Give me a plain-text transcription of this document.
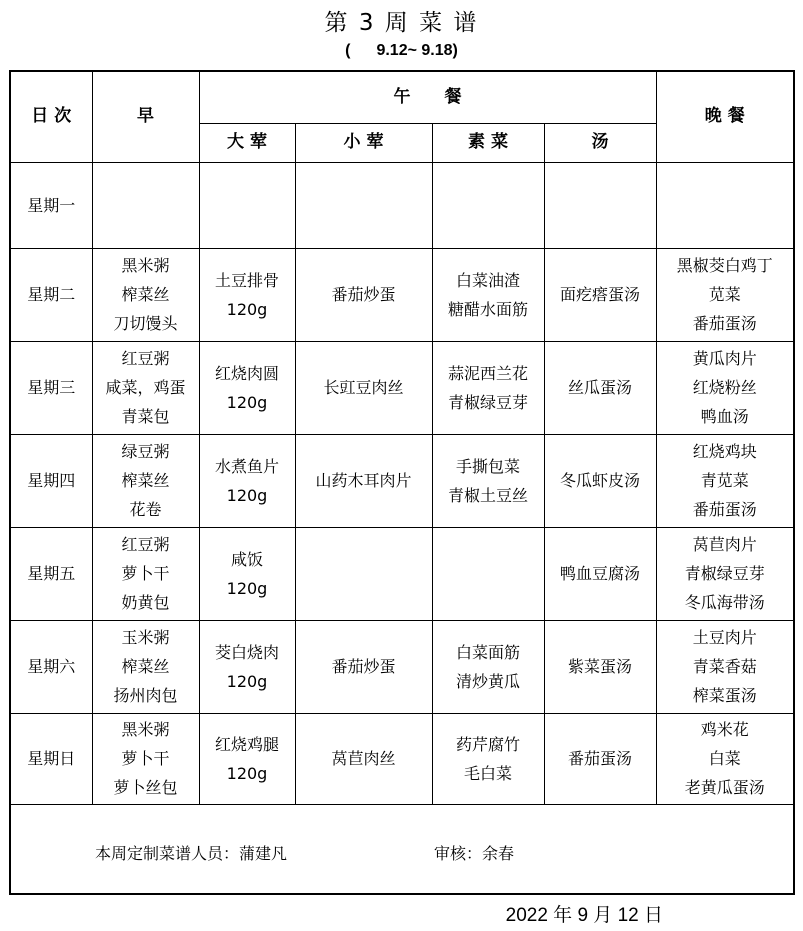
第 3 周 菜 谱
( 9.12~ 9.18)
日 次	早	午　　餐				晚 餐
		大 荤	小 荤	素 菜	汤	
星期一						
星期二	黑米粥
榨菜丝
刀切馒头	土豆排骨
120g	番茄炒蛋	白菜油渣
糖醋水面筋	面疙瘩蛋汤	黑椒茭白鸡丁
苋菜
番茄蛋汤

星期三	红豆粥
咸菜，鸡蛋
青菜包	红烧肉圆
120g	长豇豆肉丝	蒜泥西兰花
青椒绿豆芽	丝瓜蛋汤	黄瓜肉片
红烧粉丝
鸭血汤

星期四	绿豆粥
榨菜丝
花卷	水煮鱼片
120g	山药木耳肉片	手撕包菜
青椒土豆丝	冬瓜虾皮汤	红烧鸡块
青苋菜
番茄蛋汤

星期五	红豆粥
萝卜干
奶黄包	咸饭
120g			鸭血豆腐汤	莴苣肉片
青椒绿豆芽
冬瓜海带汤

星期六	玉米粥
榨菜丝
扬州肉包	茭白烧肉
120g	番茄炒蛋	白菜面筋
清炒黄瓜	紫菜蛋汤	土豆肉片
青菜香菇
榨菜蛋汤

星期日	黑米粥
萝卜干
萝卜丝包	红烧鸡腿
120g	莴苣肉丝	药芹腐竹
毛白菜	番茄蛋汤	鸡米花
白菜
老黄瓜蛋汤

本周定制菜谱人员：蒲建凡 审核：余春						
2022 年 9 月 12 日
